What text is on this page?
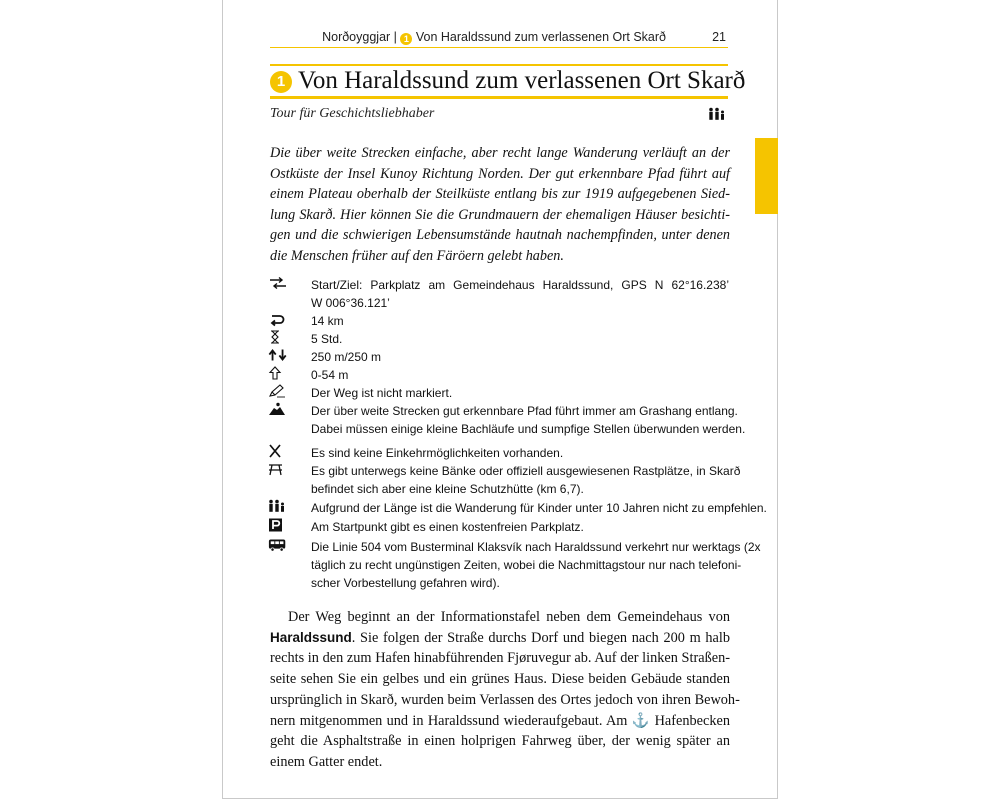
Norðoyggjar | 1 Von Haraldssund zum verlassenen Ort Skarð	21
1 Von Haraldssund zum verlassenen Ort Skarð
Tour für Geschichtsliebhaber
Die über weite Strecken einfache, aber recht lange Wanderung verläuft an der
Ostküste der Insel Kunoy Richtung Norden. Der gut erkennbare Pfad führt auf
einem Plateau oberhalb der Steilküste entlang bis zur 1919 aufgegebenen Sied-
lung Skarð. Hier können Sie die Grundmauern der ehemaligen Häuser besichti-
gen und die schwierigen Lebensumstände hautnah nachempfinden, unter denen
die Menschen früher auf den Färöern gelebt haben.
Start/Ziel: Parkplatz am Gemeindehaus Haraldssund, GPS N 62°16.238’
W 006°36.121’
14 km
5 Std.
250 m/250 m
0-54 m
Der Weg ist nicht markiert.
Der über weite Strecken gut erkennbare Pfad führt immer am Grashang entlang.
Dabei müssen einige kleine Bachläufe und sumpfige Stellen überwunden werden.
Es sind keine Einkehrmöglichkeiten vorhanden.
Es gibt unterwegs keine Bänke oder offiziell ausgewiesenen Rastplätze, in Skarð
befindet sich aber eine kleine Schutzhütte (km 6,7).
Aufgrund der Länge ist die Wanderung für Kinder unter 10 Jahren nicht zu empfehlen.
Am Startpunkt gibt es einen kostenfreien Parkplatz.
Die Linie 504 vom Busterminal Klaksvík nach Haraldssund verkehrt nur werktags (2x
täglich zu recht ungünstigen Zeiten, wobei die Nachmittagstour nur nach telefoni-
scher Vorbestellung gefahren wird).
Der Weg beginnt an der Informationstafel neben dem Gemeindehaus von
Haraldssund. Sie folgen der Straße durchs Dorf und biegen nach 200 m halb
rechts in den zum Hafen hinabführenden Fjøruvegur ab. Auf der linken Straßen-
seite sehen Sie ein gelbes und ein grünes Haus. Diese beiden Gebäude standen
ursprünglich in Skarð, wurden beim Verlassen des Ortes jedoch von ihren Bewoh-
nern mitgenommen und in Haraldssund wiederaufgebaut. Am ⚓ Hafenbecken
geht die Asphaltstraße in einen holprigen Fahrweg über, der wenig später an
einem Gatter endet.
